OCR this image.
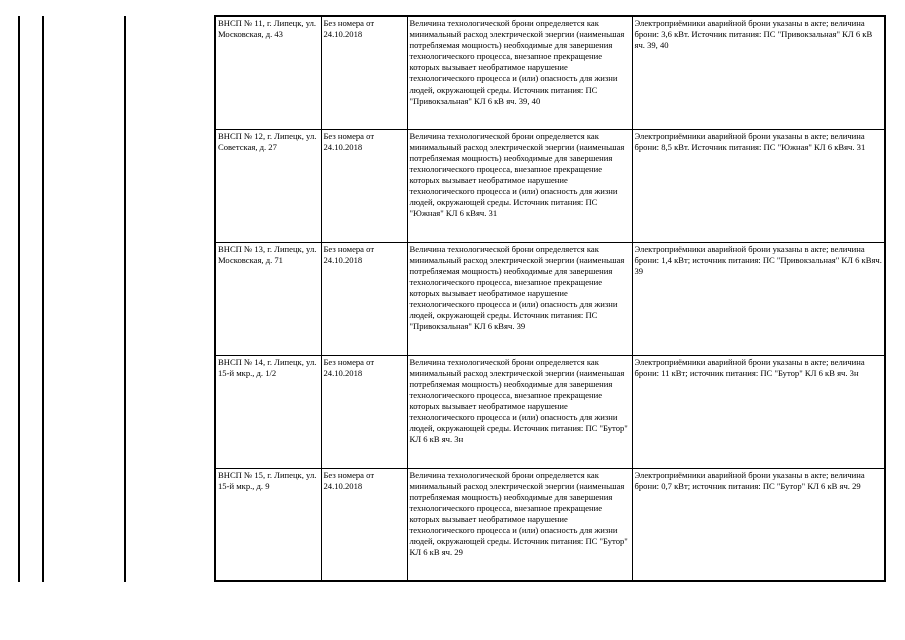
ВНСП № 11, г. Липецк, ул. Московская, д. 43	Без номера от 24.10.2018	Величина технологической брони определяется как минимальный расход электрической энергии (наименьшая потребляемая мощность) необходимые для завершения технологического процесса, внезапное прекращение которых вызывает необратимое нарушение технологического процесса и (или) опасность для жизни людей, окружающей среды. Источник питания: ПС "Привокзальная" КЛ 6 кВ яч. 39, 40	Электроприёмники аварийной брони указаны в акте; величина брони: 3,6 кВт. Источник питания: ПС "Привокзальная" КЛ 6 кВ яч. 39, 40

ВНСП № 12, г. Липецк, ул. Советская, д. 27	Без номера от 24.10.2018	Величина технологической брони определяется как минимальный расход электрической энергии (наименьшая потребляемая мощность) необходимые для завершения технологического процесса, внезапное прекращение которых вызывает необратимое нарушение технологического процесса и (или) опасность для жизни людей, окружающей среды. Источник питания: ПС "Южная" КЛ 6 кВяч. 31	Электроприёмники аварийной брони указаны в акте; величина брони: 8,5 кВт. Источник питания: ПС "Южная" КЛ 6 кВяч. 31

ВНСП № 13, г. Липецк, ул. Московская, д. 71	Без номера от 24.10.2018	Величина технологической брони определяется как минимальный расход электрической энергии (наименьшая потребляемая мощность) необходимые для завершения технологического процесса, внезапное прекращение которых вызывает необратимое нарушение технологического процесса и (или) опасность для жизни людей, окружающей среды. Источник питания: ПС "Привокзальная" КЛ 6 кВяч. 39	Электроприёмники аварийной брони указаны в акте; величина брони: 1,4 кВт; источник питания: ПС "Привокзальная" КЛ 6 кВяч. 39

ВНСП № 14, г. Липецк, ул. 15-й мкр., д. 1/2	Без номера от 24.10.2018	Величина технологической брони определяется как минимальный расход электрической энергии (наименьшая потребляемая мощность) необходимые для завершения технологического процесса, внезапное прекращение которых вызывает необратимое нарушение технологического процесса и (или) опасность для жизни людей, окружающей среды. Источник питания: ПС "Бутор" КЛ 6 кВ яч. 3н	Электроприёмники аварийной брони указаны в акте; величина брони: 11 кВт; источник питания: ПС "Бутор" КЛ 6 кВ яч. 3н

ВНСП № 15, г. Липецк, ул. 15-й мкр., д. 9	Без номера от 24.10.2018	Величина технологической брони определяется как минимальный расход электрической энергии (наименьшая потребляемая мощность) необходимые для завершения технологического процесса, внезапное прекращение которых вызывает необратимое нарушение технологического процесса и (или) опасность для жизни людей, окружающей среды. Источник питания: ПС "Бутор" КЛ 6 кВ яч. 29	Электроприёмники аварийной брони указаны в акте; величина брони: 0,7 кВт; источник питания: ПС "Бутор" КЛ 6 кВ яч. 29
